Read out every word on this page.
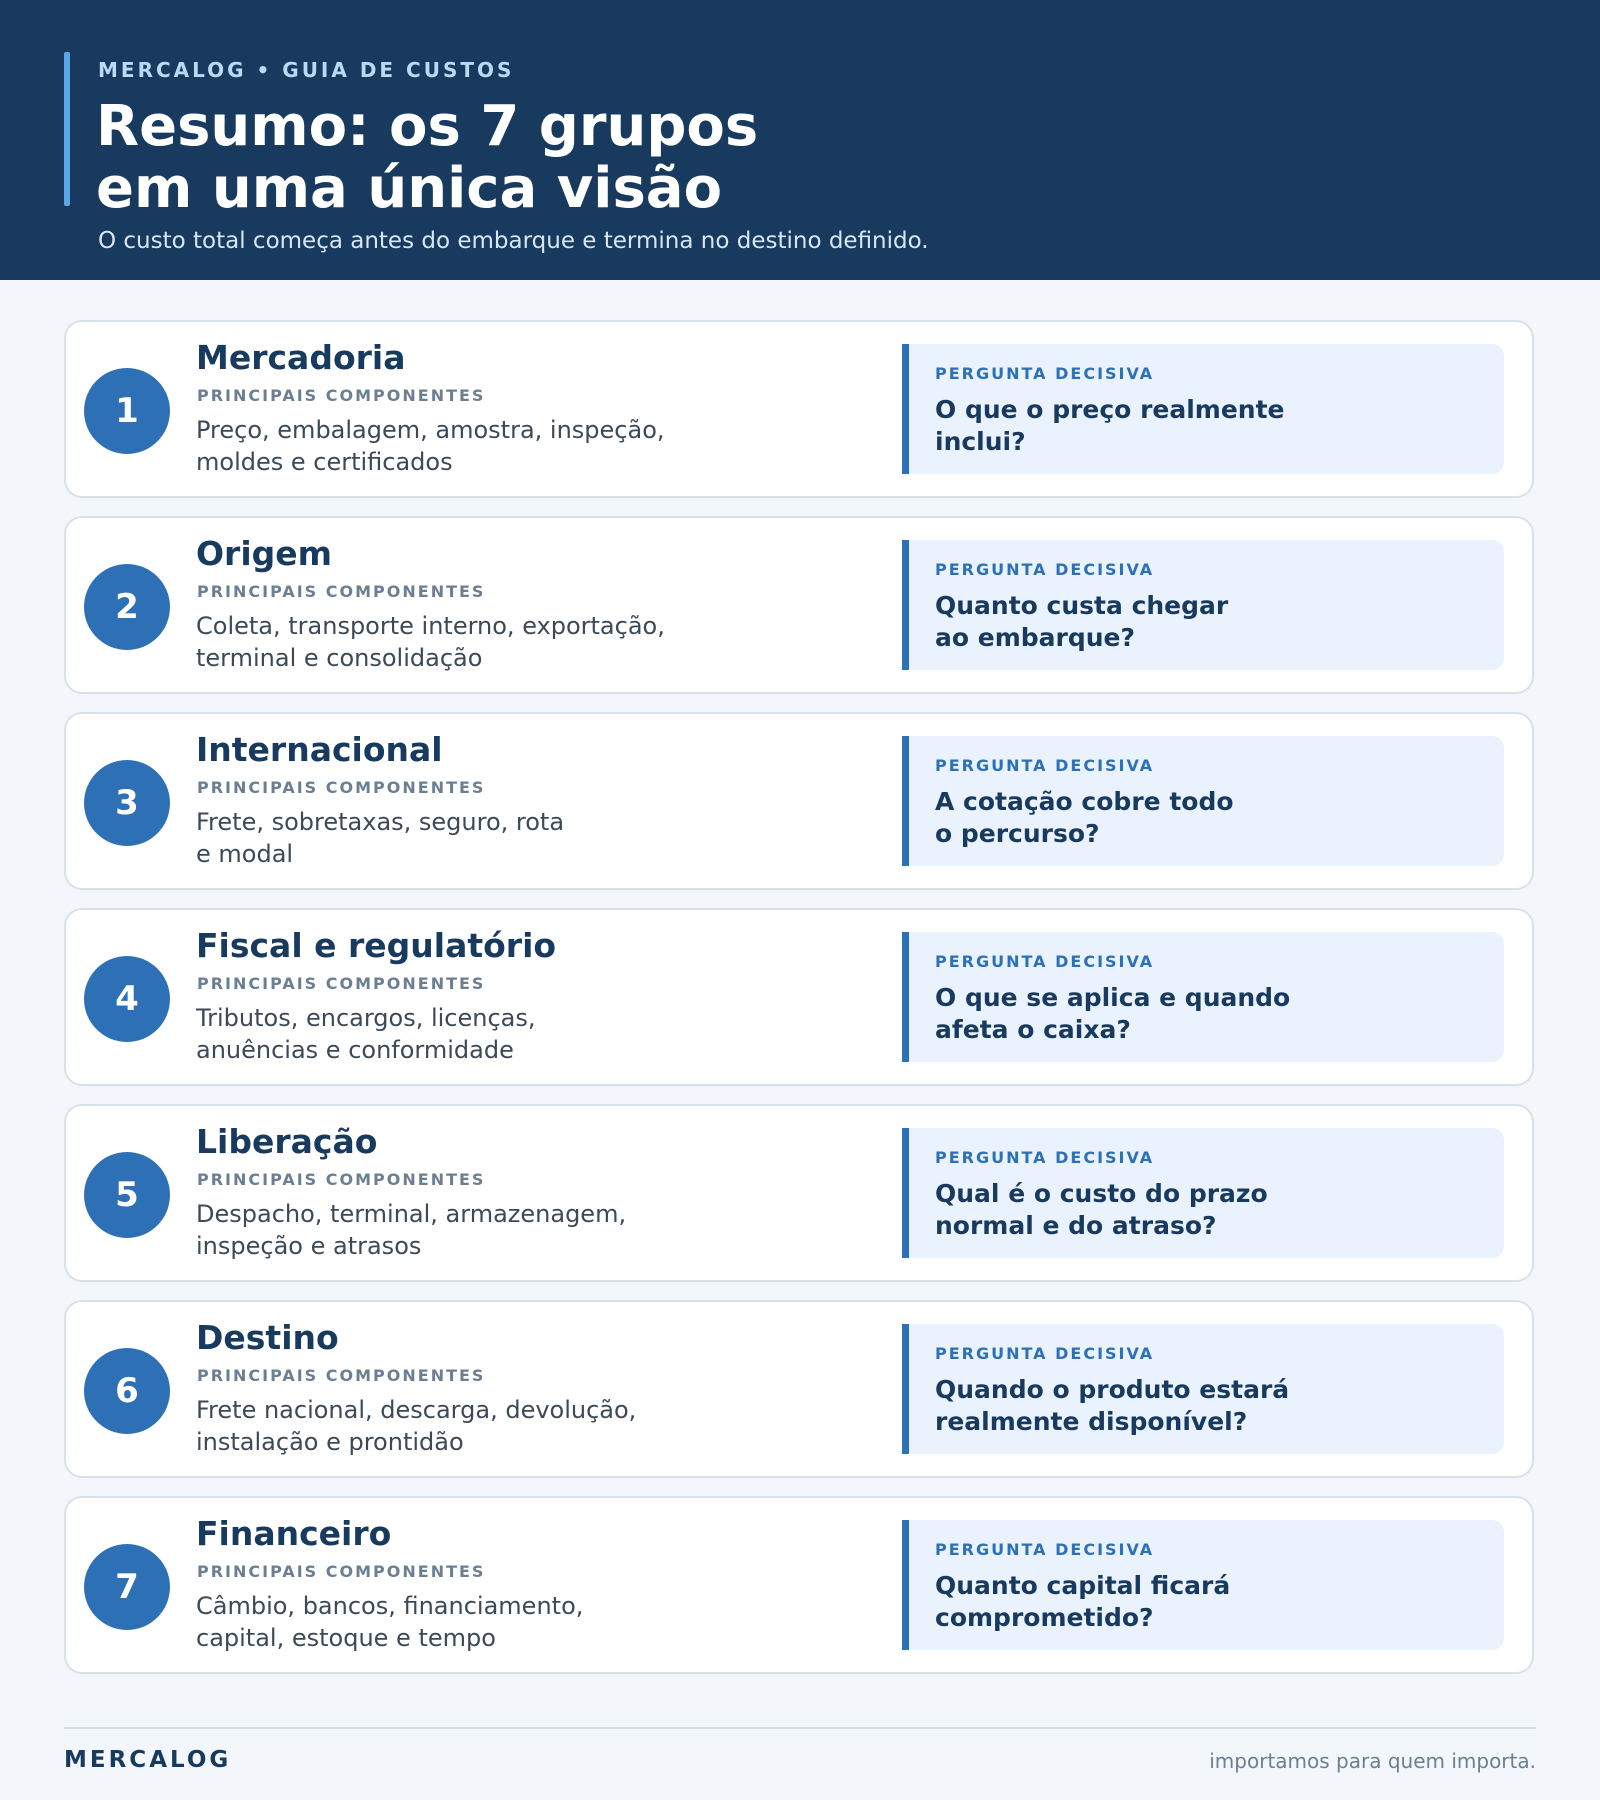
MERCALOG • GUIA DE CUSTOS
Resumo: os 7 grupos
em uma única visão
O custo total começa antes do embarque e termina no destino definido.
1
Mercadoria
PRINCIPAIS COMPONENTES
Preço, embalagem, amostra, inspeção,
moldes e certificados
PERGUNTA DECISIVA
O que o preço realmente
inclui?
2
Origem
PRINCIPAIS COMPONENTES
Coleta, transporte interno, exportação,
terminal e consolidação
PERGUNTA DECISIVA
Quanto custa chegar
ao embarque?
3
Internacional
PRINCIPAIS COMPONENTES
Frete, sobretaxas, seguro, rota
e modal
PERGUNTA DECISIVA
A cotação cobre todo
o percurso?
4
Fiscal e regulatório
PRINCIPAIS COMPONENTES
Tributos, encargos, licenças,
anuências e conformidade
PERGUNTA DECISIVA
O que se aplica e quando
afeta o caixa?
5
Liberação
PRINCIPAIS COMPONENTES
Despacho, terminal, armazenagem,
inspeção e atrasos
PERGUNTA DECISIVA
Qual é o custo do prazo
normal e do atraso?
6
Destino
PRINCIPAIS COMPONENTES
Frete nacional, descarga, devolução,
instalação e prontidão
PERGUNTA DECISIVA
Quando o produto estará
realmente disponível?
7
Financeiro
PRINCIPAIS COMPONENTES
Câmbio, bancos, financiamento,
capital, estoque e tempo
PERGUNTA DECISIVA
Quanto capital ficará
comprometido?
MERCALOG	importamos para quem importa.
